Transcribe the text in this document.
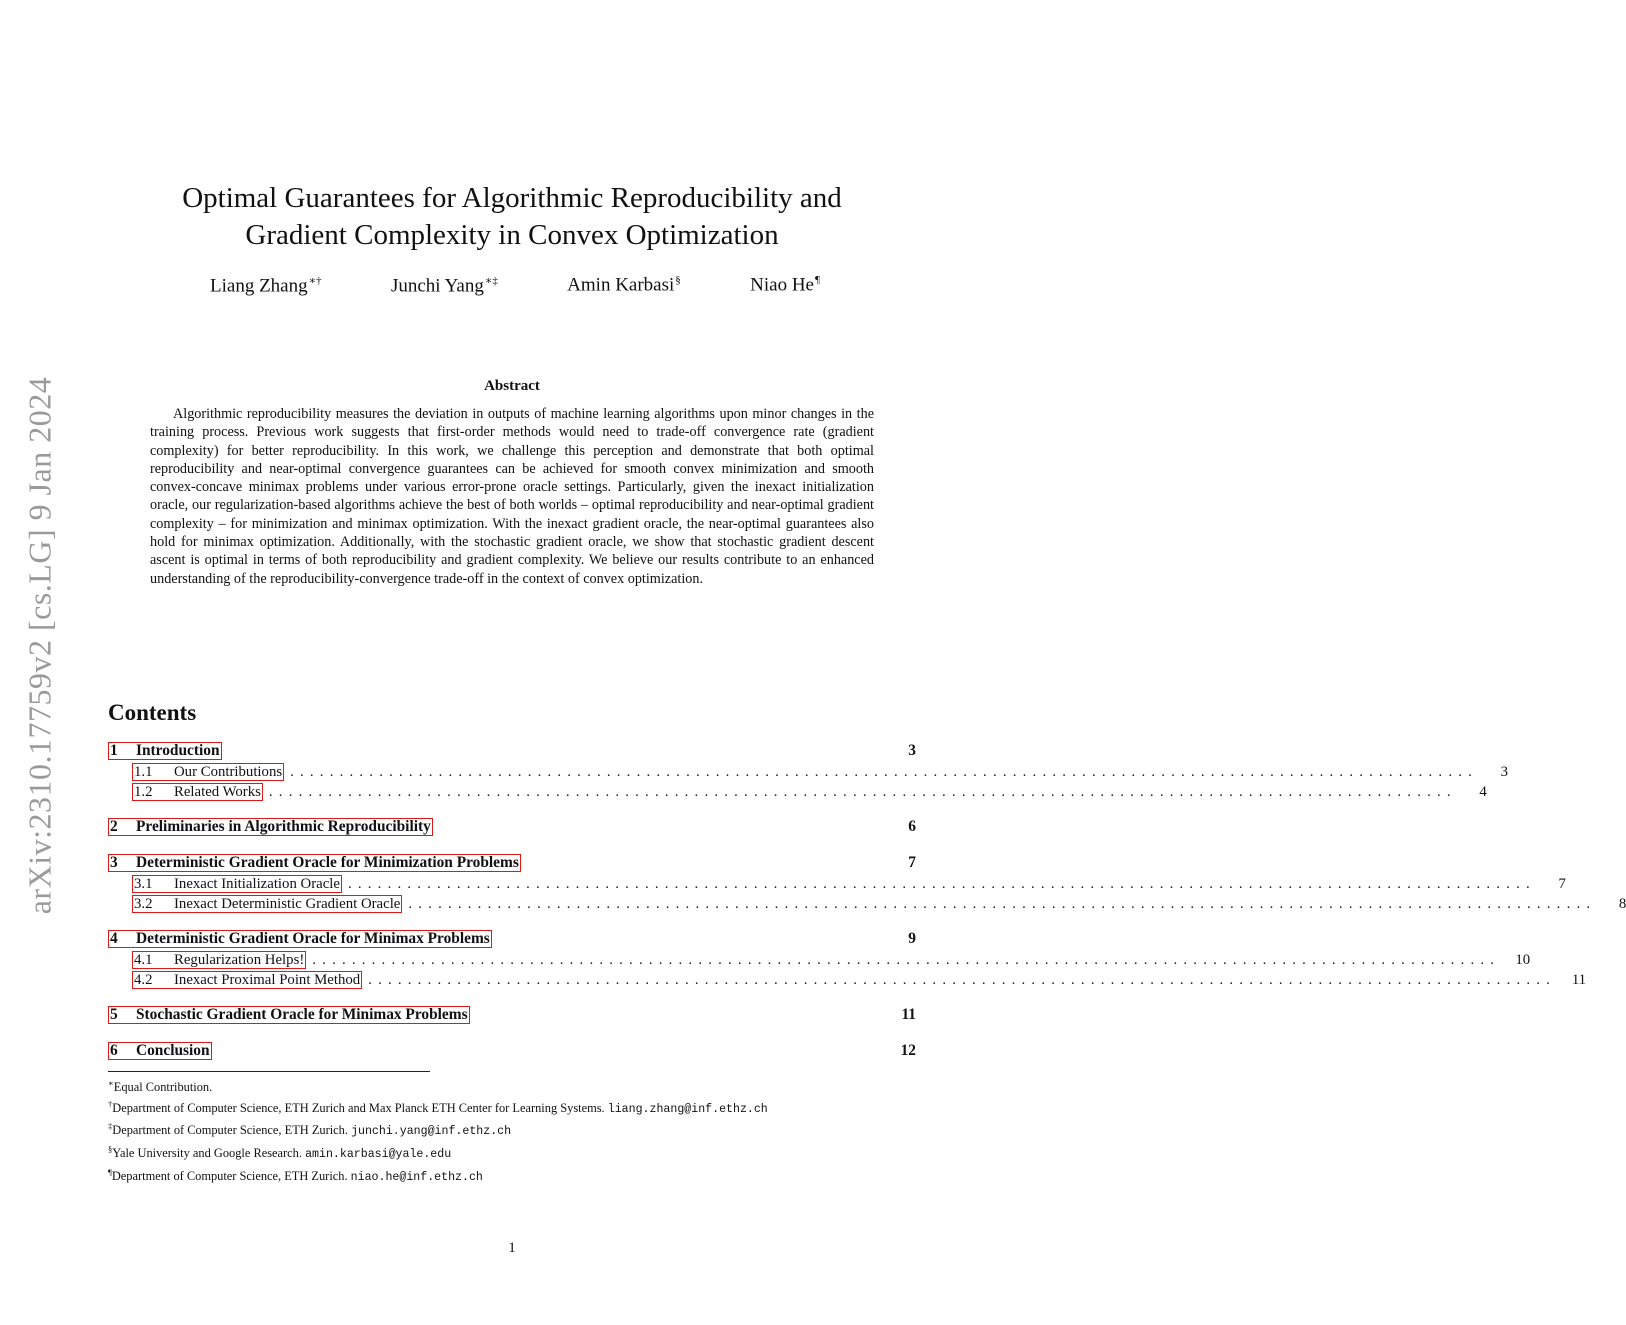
arXiv:2310.17759v2 [cs.LG] 9 Jan 2024
Optimal Guarantees for Algorithmic Reproducibility and
Gradient Complexity in Convex Optimization
Liang Zhang∗†	Junchi Yang∗‡	Amin Karbasi§	Niao He¶
Abstract

Algorithmic reproducibility measures the deviation in outputs of machine learning algorithms upon minor changes in the training process. Previous work suggests that first-order methods would need to trade-off convergence rate (gradient complexity) for better reproducibility. In this work, we challenge this perception and demonstrate that both optimal reproducibility and near-optimal convergence guarantees can be achieved for smooth convex minimization and smooth convex-concave minimax problems under various error-prone oracle settings. Particularly, given the inexact initialization oracle, our regularization-based algorithms achieve the best of both worlds – optimal reproducibility and near-optimal gradient complexity – for minimization and minimax optimization. With the inexact gradient oracle, the near-optimal guarantees also hold for minimax optimization. Additionally, with the stochastic gradient oracle, we show that stochastic gradient descent ascent is optimal in terms of both reproducibility and gradient complexity. We believe our results contribute to an enhanced understanding of the reproducibility-convergence trade-off in the context of convex optimization.

Contents
1 Introduction	3
1.1 Our Contributions ........................................................................................................................	3
1.2 Related Works ........................................................................................................................	4
2 Preliminaries in Algorithmic Reproducibility	6
3 Deterministic Gradient Oracle for Minimization Problems	7
3.1 Inexact Initialization Oracle ........................................................................................................................	7
3.2 Inexact Deterministic Gradient Oracle ........................................................................................................................	8
4 Deterministic Gradient Oracle for Minimax Problems	9
4.1 Regularization Helps! ........................................................................................................................	10
4.2 Inexact Proximal Point Method ........................................................................................................................	11
5 Stochastic Gradient Oracle for Minimax Problems	11
6 Conclusion	12
∗Equal Contribution.
†Department of Computer Science, ETH Zurich and Max Planck ETH Center for Learning Systems. liang.zhang@inf.ethz.ch
‡Department of Computer Science, ETH Zurich. junchi.yang@inf.ethz.ch
§Yale University and Google Research. amin.karbasi@yale.edu
¶Department of Computer Science, ETH Zurich. niao.he@inf.ethz.ch
1
